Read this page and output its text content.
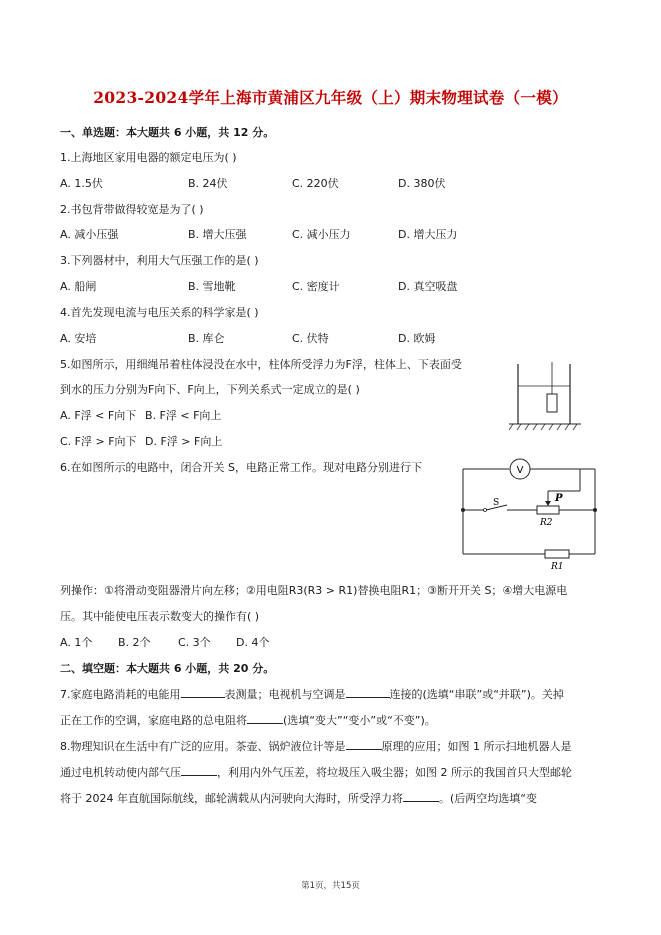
2023-2024学年上海市黄浦区九年级（上）期末物理试卷（一模）
一、单选题：本大题共 6 小题，共 12 分。
1.上海地区家用电器的额定电压为( )
A. 1.5伏	B. 24伏	C. 220伏	D. 380伏
2.书包背带做得较宽是为了( )
A. 减小压强	B. 增大压强	C. 减小压力	D. 增大压力
3.下列器材中，利用大气压强工作的是( )
A. 船闸	B. 雪地靴	C. 密度计	D. 真空吸盘
4.首先发现电流与电压关系的科学家是( )
A. 安培	B. 库仑	C. 伏特	D. 欧姆
5.如图所示，用细绳吊着柱体浸没在水中，柱体所受浮力为F浮，柱体上、下表面受
到水的压力分别为F向下、F向上，下列关系式一定成立的是( )
A. F浮 < F向下 B. F浮 < F向上
C. F浮 > F向下 D. F浮 > F向上
6.在如图所示的电路中，闭合开关 S，电路正常工作。现对电路分别进行下	V
S	P
R2
R1
列操作：①将滑动变阻器滑片向左移；②用电阻R3(R3 > R1)替换电阻R1；③断开开关 S；④增大电源电
压。其中能使电压表示数变大的操作有( )
A. 1个 B. 2个 C. 3个 D. 4个
二、填空题：本大题共 6 小题，共 20 分。
7.家庭电路消耗的电能用	表测量；电视机与空调是	连接的(选填“串联”或“并联”)。关掉
正在工作的空调，家庭电路的总电阻将	(选填“变大”“变小”或“不变”)。
8.物理知识在生活中有广泛的应用。茶壶、锅炉液位计等是	原理的应用；如图 1 所示扫地机器人是
通过电机转动使内部气压	，利用内外气压差，将垃圾压入吸尘器；如图 2 所示的我国首只大型邮轮
将于 2024 年直航国际航线，邮轮满载从内河驶向大海时，所受浮力将	。(后两空均选填“变
第1页，共15页
